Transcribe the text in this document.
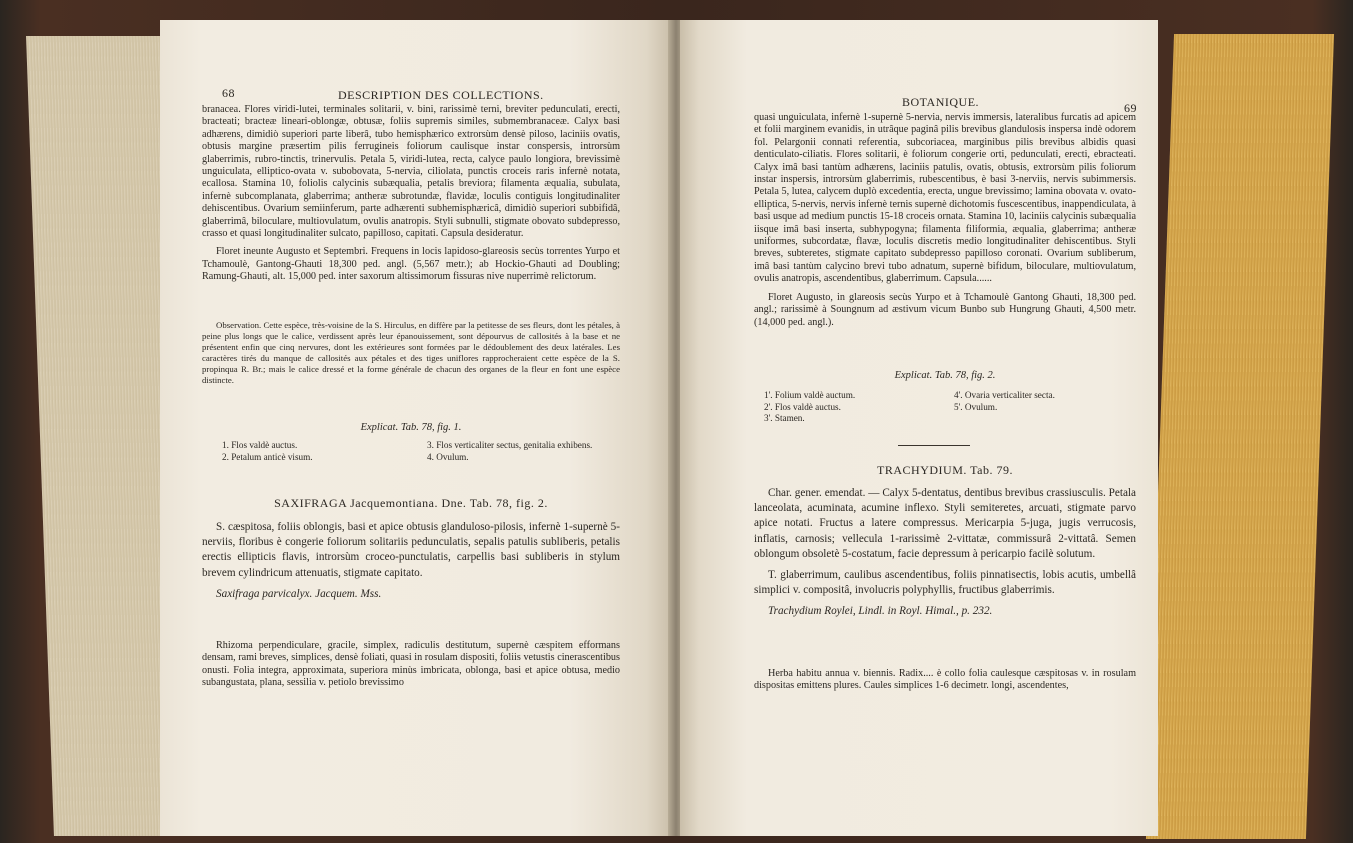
68	DESCRIPTION DES COLLECTIONS.

branacea. Flores viridi-lutei, terminales solitarii, v. bini, rarissimè terni, breviter pedunculati, erecti, bracteati; bracteæ lineari-oblongæ, obtusæ, foliis supremis similes, submembranaceæ. Calyx basi adhærens, dimidiò superiori parte liberâ, tubo hemisphærico extrorsùm densè piloso, laciniis ovatis, obtusis margine præsertim pilis ferrugineis foliorum caulisque instar conspersis, introrsùm glaberrimis, rubro-tinctis, trinervulis. Petala 5, viridi-lutea, recta, calyce paulo longiora, brevissimè unguiculata, elliptico-ovata v. subobovata, 5-nervia, ciliolata, punctis croceis raris infernè notata, ecallosa. Stamina 10, foliolis calycinis subæqualia, petalis breviora; filamenta æqualia, subulata, infernè subcomplanata, glaberrima; antheræ subrotundæ, flavidæ, loculis contiguis longitudinaliter dehiscentibus. Ovarium semiinferum, parte adhærenti subhemisphæricâ, dimidiò superiori subbifidâ, glaberrimâ, biloculare, multiovulatum, ovulis anatropis. Styli subnulli, stigmate obovato subdepresso, crasso et quasi longitudinaliter sulcato, papilloso, capitati. Capsula desideratur.

Floret ineunte Augusto et Septembri. Frequens in locis lapidoso-glareosis secùs torrentes Yurpo et Tchamoulè, Gantong-Ghauti 18,300 ped. angl. (5,567 metr.); ab Hockio-Ghauti ad Doubling; Ramung-Ghauti, alt. 15,000 ped. inter saxorum altissimorum fissuras nive nuperrimè relictorum.

Observation. Cette espèce, très-voisine de la S. Hirculus, en diffère par la petitesse de ses fleurs, dont les pétales, à peine plus longs que le calice, verdissent après leur épanouissement, sont dépourvus de callosités à la base et ne présentent enfin que cinq nervures, dont les extérieures sont formées par le dédoublement des deux latérales. Les caractères tirés du manque de callosités aux pétales et des tiges uniflores rapprocheraient cette espèce de la S. propinqua R. Br.; mais le calice dressé et la forme générale de chacun des organes de la fleur en font une espèce distincte.

Explicat. Tab. 78, fig. 1.
1. Flos valdè auctus.
2. Petalum anticè visum.
3. Flos verticaliter sectus, genitalia exhibens.
4. Ovulum.
SAXIFRAGA Jacquemontiana. Dne. Tab. 78, fig. 2.

S. cæspitosa, foliis oblongis, basi et apice obtusis glanduloso-pilosis, infernè 1-supernè 5-nerviis, floribus è congerie foliorum solitariis pedunculatis, sepalis patulis subliberis, petalis erectis ellipticis flavis, introrsùm croceo-punctulatis, carpellis basi subliberis in stylum brevem cylindricum attenuatis, stigmate capitato.

Saxifraga parvicalyx. Jacquem. Mss.

Rhizoma perpendiculare, gracile, simplex, radiculis destitutum, supernè cæspitem efformans densam, rami breves, simplices, densè foliati, quasi in rosulam dispositi, foliis vetustis cinerascentibus onusti. Folia integra, approximata, superiora minùs imbricata, oblonga, basi et apice obtusa, medio subangustata, plana, sessilia v. petiolo brevissimo

BOTANIQUE.	69

quasi unguiculata, infernè 1-supernè 5-nervia, nervis immersis, lateralibus furcatis ad apicem et folii marginem evanidis, in utrâque paginâ pilis brevibus glandulosis inspersa indè odorem fol. Pelargonii connati referentia, subcoriacea, marginibus pilis brevibus albidis quasi denticulato-ciliatis. Flores solitarii, è foliorum congerie orti, pedunculati, erecti, ebracteati. Calyx imâ basi tantùm adhærens, laciniis patulis, ovatis, obtusis, extrorsùm pilis foliorum instar inspersis, introrsùm glaberrimis, rubescentibus, è basi 3-nerviis, nervis subimmersis. Petala 5, lutea, calycem duplò excedentia, erecta, ungue brevissimo; lamina obovata v. ovato-elliptica, 5-nervis, nervis infernè ternis supernè dichotomis fuscescentibus, inappendiculata, à basi usque ad medium punctis 15-18 croceis ornata. Stamina 10, laciniis calycinis subæqualia iisque imâ basi inserta, subhypogyna; filamenta filiformia, æqualia, glaberrima; antheræ uniformes, subcordatæ, flavæ, loculis discretis medio longitudinaliter dehiscentibus. Styli breves, subteretes, stigmate capitato subdepresso papilloso coronati. Ovarium subliberum, imâ basi tantùm calycino brevi tubo adnatum, supernè bifidum, biloculare, multiovulatum, ovulis anatropis, ascendentibus, glaberrimum. Capsula......

Floret Augusto, in glareosis secùs Yurpo et à Tchamoulè Gantong Ghauti, 18,300 ped. angl.; rarissimè à Soungnum ad æstivum vicum Bunbo sub Hungrung Ghauti, 4,500 metr. (14,000 ped. angl.).

Explicat. Tab. 78, fig. 2.
1'. Folium valdè auctum.
2'. Flos valdè auctus.
3'. Stamen.
4'. Ovaria verticaliter secta.
5'. Ovulum.
TRACHYDIUM. Tab. 79.

Char. gener. emendat. — Calyx 5-dentatus, dentibus brevibus crassiusculis. Petala lanceolata, acuminata, acumine inflexo. Styli semiteretes, arcuati, stigmate parvo apice notati. Fructus a latere compressus. Mericarpia 5-juga, jugis verrucosis, inflatis, carnosis; vellecula 1-rarissimè 2-vittatæ, commissurâ 2-vittatâ. Semen oblongum obsoletè 5-costatum, facie depressum à pericarpio facilè solutum.

T. glaberrimum, caulibus ascendentibus, foliis pinnatisectis, lobis acutis, umbellâ simplici v. compositâ, involucris polyphyllis, fructibus glaberrimis.

Trachydium Roylei, Lindl. in Royl. Himal., p. 232.

Herba habitu annua v. biennis. Radix.... è collo folia caulesque cæspitosas v. in rosulam dispositas emittens plures. Caules simplices 1-6 decimetr. longi, ascendentes,
